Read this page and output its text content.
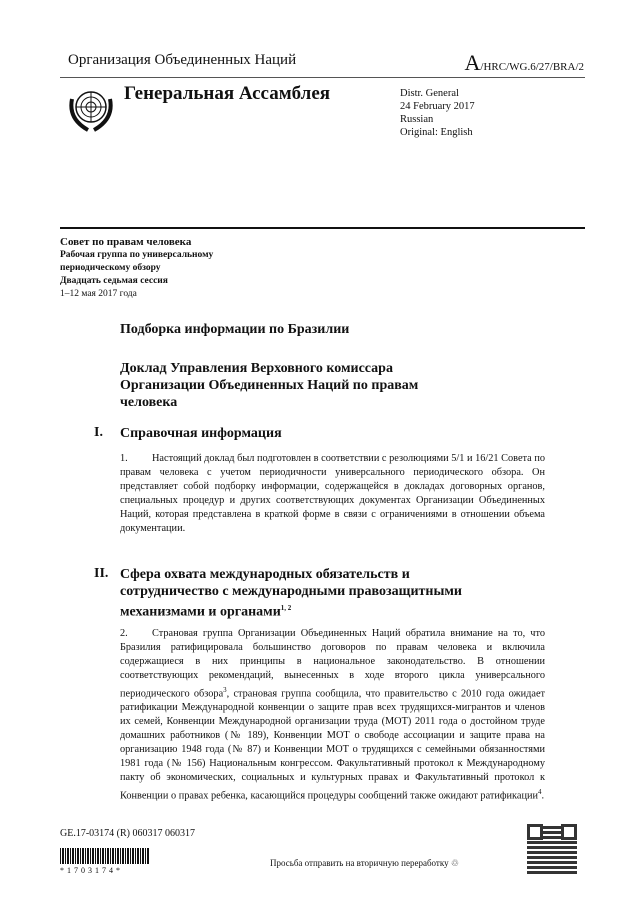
Организация Объединенных Наций	A/HRC/WG.6/27/BRA/2
Генеральная Ассамблея	Distr. General
24 February 2017
Russian
Original: English
Совет по правам человека
Рабочая группа по универсальному
периодическому обзору
Двадцать седьмая сессия
1–12 мая 2017 года
Подборка информации по Бразилии
Доклад Управления Верховного комиссара Организации Объединенных Наций по правам человека
I. Справочная информация
1. Настоящий доклад был подготовлен в соответствии с резолюциями 5/1 и 16/21 Совета по правам человека с учетом периодичности универсального периодического обзора. Он представляет собой подборку информации, содержащейся в докладах договорных органов, специальных процедур и других соответствующих документах Организации Объединенных Наций, которая представлена в краткой форме в связи с ограничениями в отношении объема документации.
II. Сфера охвата международных обязательств и сотрудничество с международными правозащитными механизмами и органами$^{1, 2}$
2. Страновая группа Организации Объединенных Наций обратила внимание на то, что Бразилия ратифицировала большинство договоров по правам человека и включила содержащиеся в них принципы в национальное законодательство. В отношении соответствующих рекомендаций, вынесенных в ходе второго цикла универсального периодического обзора$^3$, страновая группа сообщила, что правительство с 2010 года ожидает ратификации Международной конвенции о защите прав всех трудящихся-мигрантов и членов их семей, Конвенции Международной организации труда (МОТ) 2011 года о достойном труде домашних работников (№ 189), Конвенции МОТ о свободе ассоциации и защите права на организацию 1948 года (№ 87) и Конвенции МОТ о трудящихся с семейными обязанностями 1981 года (№ 156) Национальным конгрессом. Факультативный протокол к Международному пакту об экономических, социальных и культурных правах и Факультативный протокол к Конвенции о правах ребенка, касающийся процедуры сообщений также ожидают ратификации$^4$.
GE.17-03174 (R) 060317 060317
*1703174*
Просьба отправить на вторичную переработку ♲
